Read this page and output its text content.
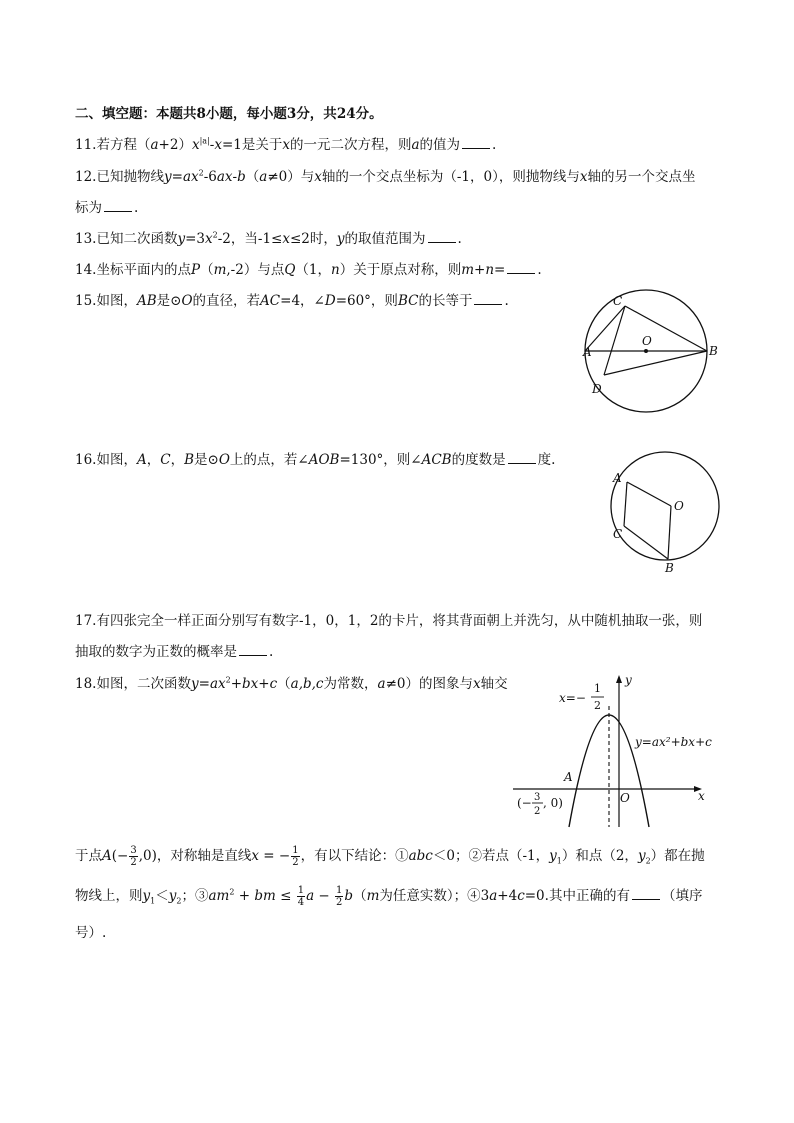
二、填空题：本题共8小题，每小题3分，共24分。
11.若方程$(a+2)x^{|a|}-x=1$是关于x的一元二次方程，则a的值为 .
12.已知抛物线$y=ax^2-6ax-b(a\ne 0)$与x轴的一个交点坐标为（-1，0），则抛物线与x轴的另一个交点坐
标为 .
13.已知二次函数$y=3x^2-2$，当-1≤x≤2时，y的取值范围为 .
14.坐标平面内的点P（m,-2）与点Q（1，n）关于原点对称，则m+n= .
15.如图，AB是⊙O的直径，若AC=4，∠D=60°，则BC的长等于 .	C
O
A	B
D
16.如图，A，C，B是⊙O上的点，若∠AOB=130°，则∠ACB的度数是 度.
A
O
C
B
17.有四张完全一样正面分别写有数字-1，0，1，2的卡片，将其背面朝上并洗匀，从中随机抽取一张，则
抽取的数字为正数的概率是 .
18.如图，二次函数$y=ax^2+bx+c(a,b,c$为常数，a≠0）的图象与x轴交
x=−
1
2
y
x
y=ax²+bx+c
A
O
(− 3
2
, 0)
于点$A(- \frac{3}{2} ,0)$，对称轴是直线x = − $\frac{1}{2}$ ，有以下结论：①abc＜0；②若点（-1，$y_1$）和点（2，$y_2$）都在抛
物线上，则$y_1<y_2$；$③am^2$ + bm ≤ $\frac{1}{4}$ $a - \frac{1}{2} b(m$为任意实数）；④3a+4c=0.其中正确的有 （填序
号）.
